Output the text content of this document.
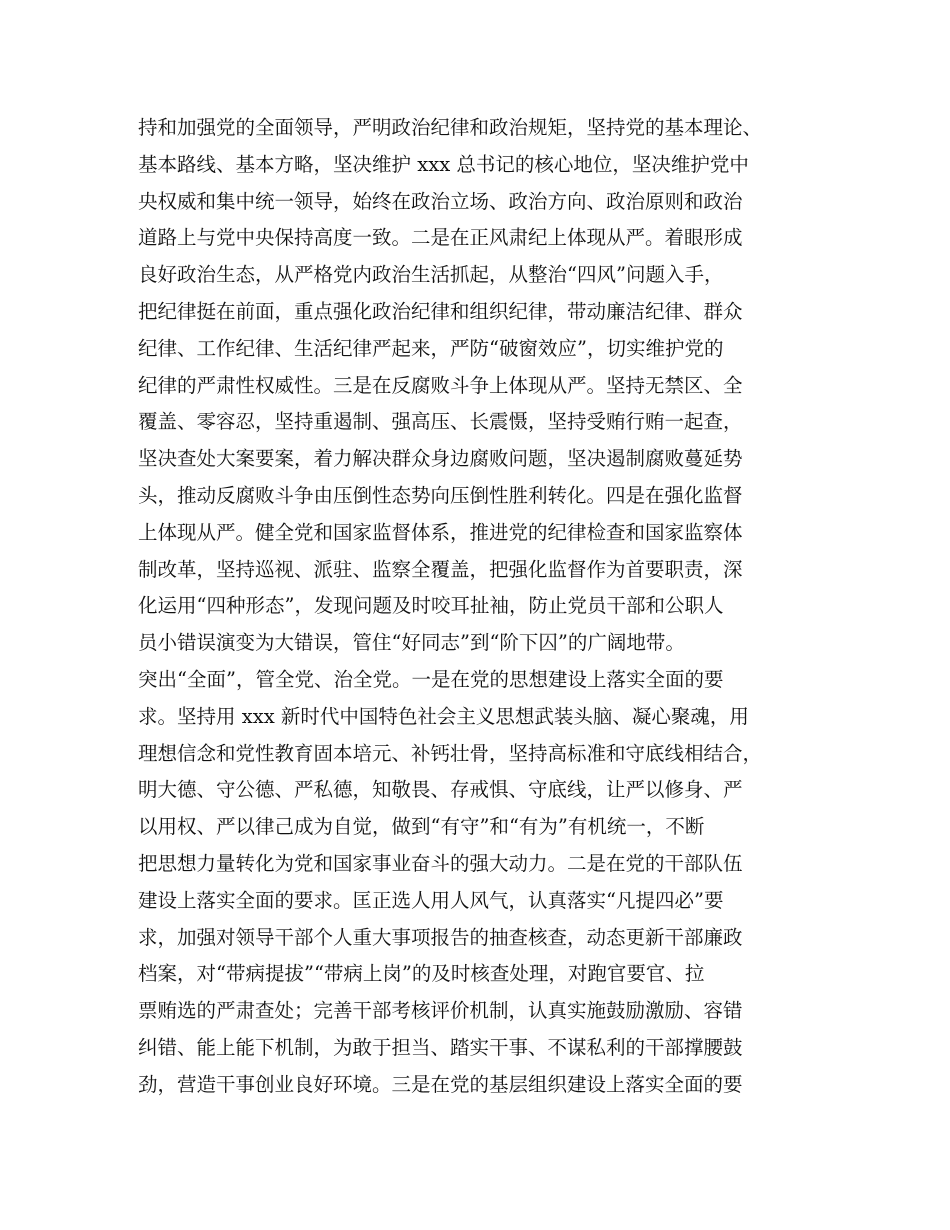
持和加强党的全面领导，严明政治纪律和政治规矩，坚持党的基本理论、
基本路线、基本方略，坚决维护 xxx 总书记的核心地位，坚决维护党中
央权威和集中统一领导，始终在政治立场、政治方向、政治原则和政治
道路上与党中央保持高度一致。二是在正风肃纪上体现从严。着眼形成
良好政治生态，从严格党内政治生活抓起，从整治“四风”问题入手，
把纪律挺在前面，重点强化政治纪律和组织纪律，带动廉洁纪律、群众
纪律、工作纪律、生活纪律严起来，严防“破窗效应”，切实维护党的
纪律的严肃性权威性。三是在反腐败斗争上体现从严。坚持无禁区、全
覆盖、零容忍，坚持重遏制、强高压、长震慑，坚持受贿行贿一起查，
坚决查处大案要案，着力解决群众身边腐败问题，坚决遏制腐败蔓延势
头，推动反腐败斗争由压倒性态势向压倒性胜利转化。四是在强化监督
上体现从严。健全党和国家监督体系，推进党的纪律检查和国家监察体
制改革，坚持巡视、派驻、监察全覆盖，把强化监督作为首要职责，深
化运用“四种形态”，发现问题及时咬耳扯袖，防止党员干部和公职人
员小错误演变为大错误，管住“好同志”到“阶下囚”的广阔地带。
突出“全面”，管全党、治全党。一是在党的思想建设上落实全面的要
求。坚持用 xxx 新时代中国特色社会主义思想武装头脑、凝心聚魂，用
理想信念和党性教育固本培元、补钙壮骨，坚持高标准和守底线相结合，
明大德、守公德、严私德，知敬畏、存戒惧、守底线，让严以修身、严
以用权、严以律己成为自觉，做到“有守”和“有为”有机统一，不断
把思想力量转化为党和国家事业奋斗的强大动力。二是在党的干部队伍
建设上落实全面的要求。匡正选人用人风气，认真落实“凡提四必”要
求，加强对领导干部个人重大事项报告的抽查核查，动态更新干部廉政
档案，对“带病提拔”“带病上岗”的及时核查处理，对跑官要官、拉
票贿选的严肃查处；完善干部考核评价机制，认真实施鼓励激励、容错
纠错、能上能下机制，为敢于担当、踏实干事、不谋私利的干部撑腰鼓
劲，营造干事创业良好环境。三是在党的基层组织建设上落实全面的要
